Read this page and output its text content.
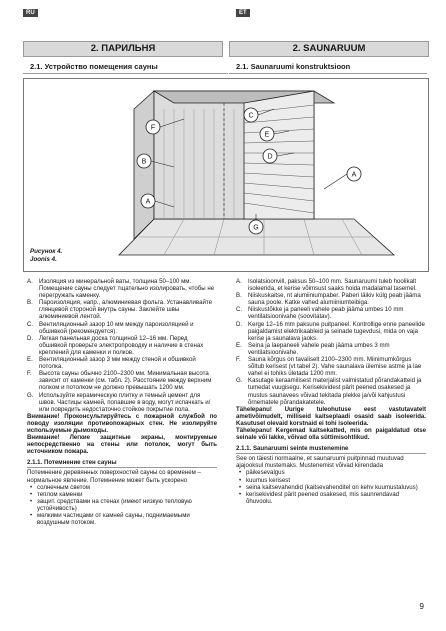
RU	ET
2. ПАРИЛЬНЯ	2. SAUNARUUM
2.1. Устройство помещения сауны	2.1. Saunaruumi konstruktsioon
F
B
A
C
E
D
A
G
Рисунок 4.
Joonis 4.
A.	Изоляция из минеральной ваты, толщина 50–100 мм. Помещение сауны следует тщательно изолировать, чтобы не перегружать каменку.
B.	Пароизоляция, напр., алюминиевая фольга. Устанавливайте глянцевой стороной внутрь сауны. Заклейте швы алюминиевой лентой.
C. Вентиляционный зазор 10 мм между пароизоляцией и обшивкой (рекомендуется).
D. Легкая панельная доска толщиной 12–16 мм. Перед обшивкой проверьте электропроводку и наличие в стенах креплений для каменки и полков.
E.	Вентиляционный зазор 3 мм между стеной и обшивкой потолка.
F.	Высота сауны обычно 2100–2300 мм. Минимальная высота зависит от каменки (см. табл. 2). Расстояние между верхним полком и потолком не должно превышать 1200 мм.
G. Используйте керамическую плитку и темный цемент для швов. Частицы камней, попавшие в воду, могут испачкать и/или повредить недостаточно стойкое покрытие пола.
Внимание! Проконсультируйтесь с пожарной службой по поводу изоляции противопожарных стен. Не изолируйте используемые дымоходы.
Внимание! Легкие защитные экраны, монтируемые непосредственно на стены или потолок, могут быть источником пожара.
2.1.1. Потемнение стен сауны
Потемнение деревянных поверхностей сауны со временем – нормальное явление. Потемнение может быть ускорено
• солнечным светом
• теплом каменки
• защит. средствами на стенах (имеют низкую тепловую устойчивость)
• мелкими частицами от камней сауны, поднимаемыми воздушным потоком.
A.	Isolatsioonvill, paksus 50–100 mm. Saunaruumi tuleb hoolikalt isoleerida, et kerise võimsust saaks hoida madalamal tasemel.
B.	Niiskuskaitse, nt alumiiniumpaber. Paberi läikiv külg peab jääma sauna poole. Katke vahed alumiiniumteibiga.
C. Niiskustõkke ja paneeli vahele peab jääma umbes 10 mm ventilatsioonivahe (soovitatav).
D. Kerge 12–16 mm paksune puitpaneel. Kontrollige enne paneelide paigaldamist elektrikaableid ja seinade tugevdusi, mida on vaja kerise ja saunalava jaoks.
E.	Seina ja laepaneeli vahele peab jääma umbes 3 mm ventilatsioonivahe.
F.	Sauna kõrgus on tavaliselt 2100–2300 mm. Miinimumkõrgus sõltub kerisest (vt tabel 2). Vahe saunalava ülemise astme ja lae vahel ei tohiks ületada 1200 mm.
G. Kasutage keraamilisest materjalist valmistatud põrandakatteid ja tumedat vuugisegu. Kerisekividest pärit peened osakesed ja mustus saunavees võivad tekitada plekke ja/või kahjustusi õrnematele põrandakatetele.
Tähelepanu! Uurige tuleohutuse eest vastutavatelt ametivõimudelt, milliseid kaitseplaadi osasid saab isoleerida. Kasutusel olevaid korstnaid ei tohi isoleerida.
Tähelepanu! Kergemad kaitsekatted, mis on paigaldatud otse seinale või lakke, võivad olla süttimisohtlikud.
2.1.1. Saunaruumi seinte mustenemine
See on täiesti normaalne, et saunaruumi puitpinnad muutuvad ajajooksul mustemaks. Mustenemist võivad kiirendada
• päikesevalgus
• kuumus kerisest
• seina kaitsevahendid (kaitsevahenditel on kehv kuumustaluvus)
• kerisekividest pärit peened osakesed, mis saunrendavad õhuvoolu.
9
